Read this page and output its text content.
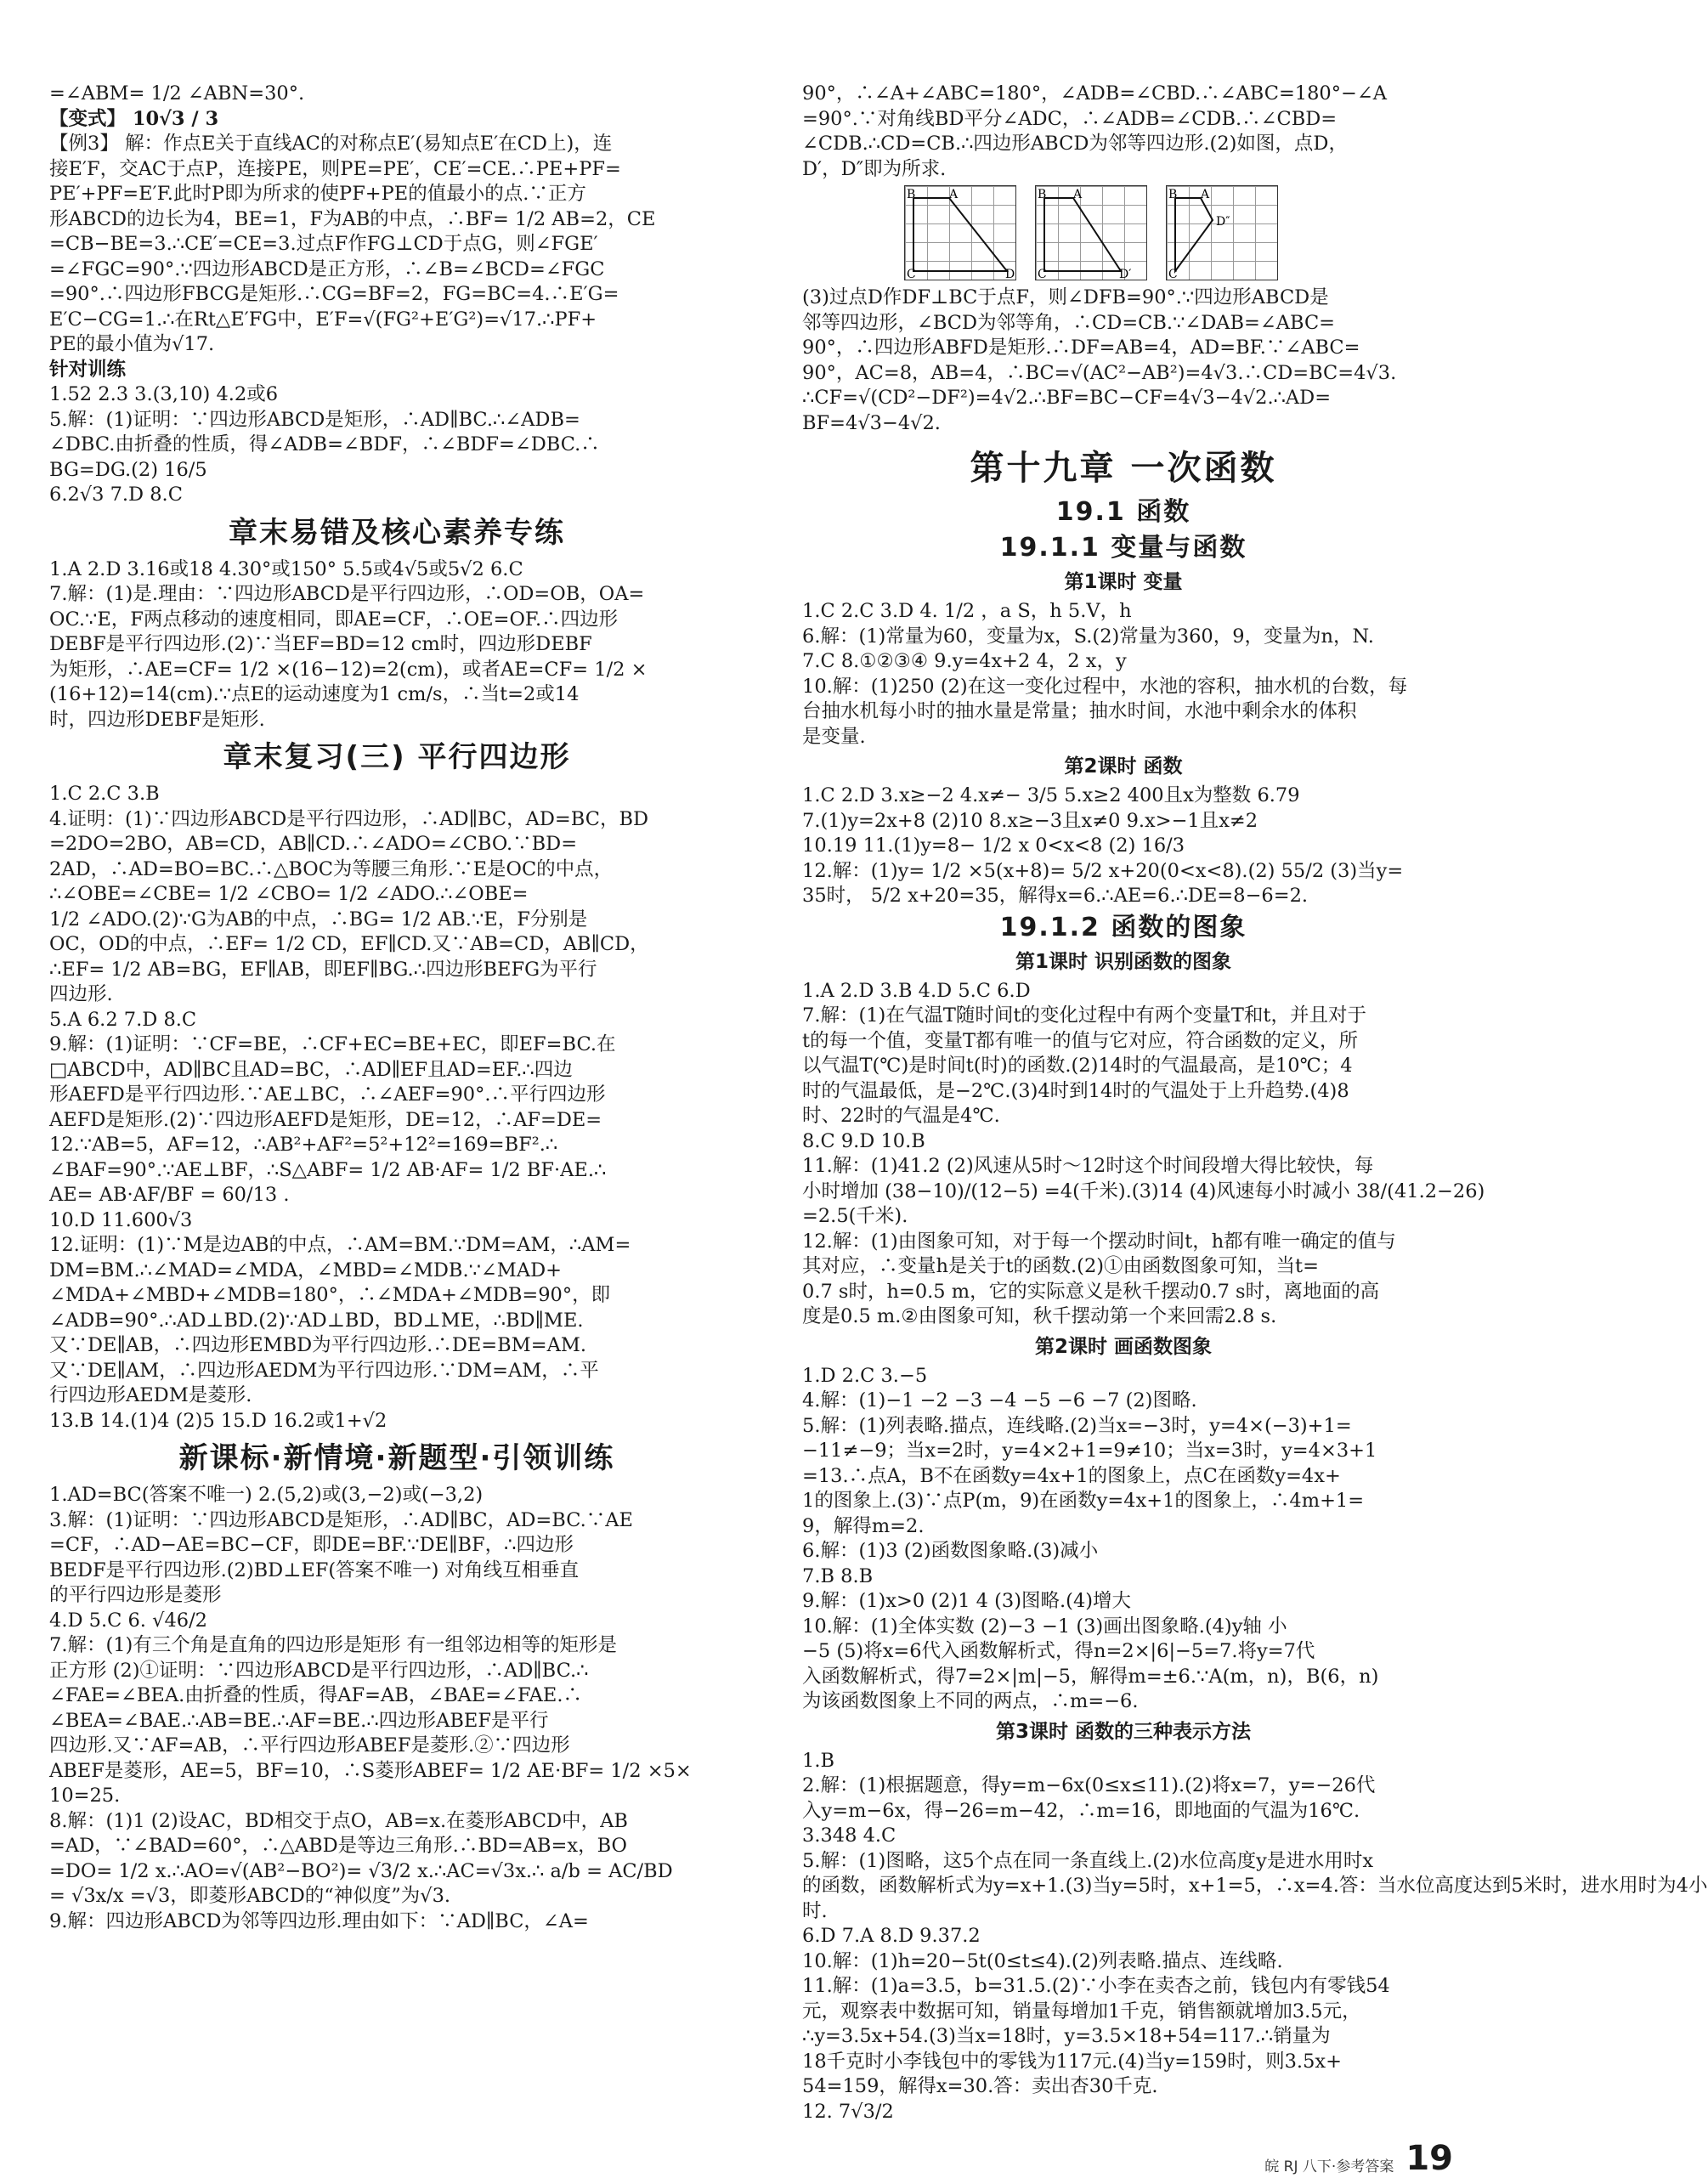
=∠ABM= 1/2 ∠ABN=30°.
【变式】 10√3 / 3
【例3】 解：作点E关于直线AC的对称点E′(易知点E′在CD上)，连
接E′F，交AC于点P，连接PE，则PE=PE′，CE′=CE.∴PE+PF=
PE′+PF=E′F.此时P即为所求的使PF+PE的值最小的点.∵正方
形ABCD的边长为4，BE=1，F为AB的中点，∴BF= 1/2 AB=2，CE
=CB−BE=3.∴CE′=CE=3.过点F作FG⊥CD于点G，则∠FGE′
=∠FGC=90°.∵四边形ABCD是正方形，∴∠B=∠BCD=∠FGC
=90°.∴四边形FBCG是矩形.∴CG=BF=2，FG=BC=4.∴E′G=
E′C−CG=1.∴在Rt△E′FG中，E′F=√(FG²+E′G²)=√17.∴PF+
PE的最小值为√17.
针对训练
1.52 2.3 3.(3,10) 4.2或6
5.解：(1)证明：∵四边形ABCD是矩形，∴AD∥BC.∴∠ADB=
∠DBC.由折叠的性质，得∠ADB=∠BDF，∴∠BDF=∠DBC.∴
BG=DG.(2) 16/5
6.2√3 7.D 8.C
章末易错及核心素养专练
1.A 2.D 3.16或18 4.30°或150° 5.5或4√5或5√2 6.C
7.解：(1)是.理由：∵四边形ABCD是平行四边形，∴OD=OB，OA=
OC.∵E，F两点移动的速度相同，即AE=CF，∴OE=OF.∴四边形
DEBF是平行四边形.(2)∵当EF=BD=12 cm时，四边形DEBF
为矩形，∴AE=CF= 1/2 ×(16−12)=2(cm)，或者AE=CF= 1/2 ×
(16+12)=14(cm).∵点E的运动速度为1 cm/s，∴当t=2或14
时，四边形DEBF是矩形.
章末复习(三) 平行四边形
1.C 2.C 3.B
4.证明：(1)∵四边形ABCD是平行四边形，∴AD∥BC，AD=BC，BD
=2DO=2BO，AB=CD，AB∥CD.∴∠ADO=∠CBO.∵BD=
2AD，∴AD=BO=BC.∴△BOC为等腰三角形.∵E是OC的中点，
∴∠OBE=∠CBE= 1/2 ∠CBO= 1/2 ∠ADO.∴∠OBE=
1/2 ∠ADO.(2)∵G为AB的中点，∴BG= 1/2 AB.∵E，F分别是
OC，OD的中点，∴EF= 1/2 CD，EF∥CD.又∵AB=CD，AB∥CD，
∴EF= 1/2 AB=BG，EF∥AB，即EF∥BG.∴四边形BEFG为平行
四边形.
5.A 6.2 7.D 8.C
9.解：(1)证明：∵CF=BE，∴CF+EC=BE+EC，即EF=BC.在
□ABCD中，AD∥BC且AD=BC，∴AD∥EF且AD=EF.∴四边
形AEFD是平行四边形.∵AE⊥BC，∴∠AEF=90°.∴平行四边形
AEFD是矩形.(2)∵四边形AEFD是矩形，DE=12，∴AF=DE=
12.∵AB=5，AF=12，∴AB²+AF²=5²+12²=169=BF².∴
∠BAF=90°.∵AE⊥BF，∴S△ABF= 1/2 AB·AF= 1/2 BF·AE.∴
AE= AB·AF/BF = 60/13 .
10.D 11.600√3
12.证明：(1)∵M是边AB的中点，∴AM=BM.∵DM=AM，∴AM=
DM=BM.∴∠MAD=∠MDA，∠MBD=∠MDB.∵∠MAD+
∠MDA+∠MBD+∠MDB=180°，∴∠MDA+∠MDB=90°，即
∠ADB=90°.∴AD⊥BD.(2)∵AD⊥BD，BD⊥ME，∴BD∥ME.
又∵DE∥AB，∴四边形EMBD为平行四边形.∴DE=BM=AM.
又∵DE∥AM，∴四边形AEDM为平行四边形.∵DM=AM，∴平
行四边形AEDM是菱形.
13.B 14.(1)4 (2)5 15.D 16.2或1+√2
新课标·新情境·新题型·引领训练
1.AD=BC(答案不唯一) 2.(5,2)或(3,−2)或(−3,2)
3.解：(1)证明：∵四边形ABCD是矩形，∴AD∥BC，AD=BC.∵AE
=CF，∴AD−AE=BC−CF，即DE=BF.∵DE∥BF，∴四边形
BEDF是平行四边形.(2)BD⊥EF(答案不唯一) 对角线互相垂直
的平行四边形是菱形
4.D 5.C 6. √46/2
7.解：(1)有三个角是直角的四边形是矩形 有一组邻边相等的矩形是
正方形 (2)①证明：∵四边形ABCD是平行四边形，∴AD∥BC.∴
∠FAE=∠BEA.由折叠的性质，得AF=AB，∠BAE=∠FAE.∴
∠BEA=∠BAE.∴AB=BE.∴AF=BE.∴四边形ABEF是平行
四边形.又∵AF=AB，∴平行四边形ABEF是菱形.②∵四边形
ABEF是菱形，AE=5，BF=10，∴S菱形ABEF= 1/2 AE·BF= 1/2 ×5×
10=25.
8.解：(1)1 (2)设AC，BD相交于点O，AB=x.在菱形ABCD中，AB
=AD，∵∠BAD=60°，∴△ABD是等边三角形.∴BD=AB=x，BO
=DO= 1/2 x.∴AO=√(AB²−BO²)= √3/2 x.∴AC=√3x.∴ a/b = AC/BD
= √3x/x =√3，即菱形ABCD的“神似度”为√3.
9.解：四边形ABCD为邻等四边形.理由如下：∵AD∥BC，∠A=
90°，∴∠A+∠ABC=180°，∠ADB=∠CBD.∴∠ABC=180°−∠A
=90°.∵对角线BD平分∠ADC，∴∠ADB=∠CDB.∴∠CBD=
∠CDB.∴CD=CB.∴四边形ABCD为邻等四边形.(2)如图，点D，
D′，D″即为所求.
B	A
C	D
B A
C	D′
B A
D″
C
(3)过点D作DF⊥BC于点F，则∠DFB=90°.∵四边形ABCD是
邻等四边形，∠BCD为邻等角，∴CD=CB.∵∠DAB=∠ABC=
90°，∴四边形ABFD是矩形.∴DF=AB=4，AD=BF.∵∠ABC=
90°，AC=8，AB=4，∴BC=√(AC²−AB²)=4√3.∴CD=BC=4√3.
∴CF=√(CD²−DF²)=4√2.∴BF=BC−CF=4√3−4√2.∴AD=
BF=4√3−4√2.
第十九章 一次函数
19.1 函数
19.1.1 变量与函数
第1课时 变量
1.C 2.C 3.D 4. 1/2 ，a S，h 5.V，h
6.解：(1)常量为60，变量为x，S.(2)常量为360，9，变量为n，N.
7.C 8.①②③④ 9.y=4x+2 4，2 x，y
10.解：(1)250 (2)在这一变化过程中，水池的容积，抽水机的台数，每
台抽水机每小时的抽水量是常量；抽水时间，水池中剩余水的体积
是变量.
第2课时 函数
1.C 2.D 3.x≥−2 4.x≠− 3/5 5.x≥2 400且x为整数 6.79
7.(1)y=2x+8 (2)10 8.x≥−3且x≠0 9.x>−1且x≠2
10.19 11.(1)y=8− 1/2 x 0<x<8 (2) 16/3
12.解：(1)y= 1/2 ×5(x+8)= 5/2 x+20(0<x<8).(2) 55/2 (3)当y=
35时， 5/2 x+20=35，解得x=6.∴AE=6.∴DE=8−6=2.
19.1.2 函数的图象
第1课时 识别函数的图象
1.A 2.D 3.B 4.D 5.C 6.D
7.解：(1)在气温T随时间t的变化过程中有两个变量T和t，并且对于
t的每一个值，变量T都有唯一的值与它对应，符合函数的定义，所
以气温T(℃)是时间t(时)的函数.(2)14时的气温最高，是10℃；4
时的气温最低，是−2℃.(3)4时到14时的气温处于上升趋势.(4)8
时、22时的气温是4℃.
8.C 9.D 10.B
11.解：(1)41.2 (2)风速从5时～12时这个时间段增大得比较快，每
小时增加 (38−10)/(12−5) =4(千米).(3)14 (4)风速每小时减小 38/(41.2−26)
=2.5(千米).
12.解：(1)由图象可知，对于每一个摆动时间t，h都有唯一确定的值与
其对应，∴变量h是关于t的函数.(2)①由函数图象可知，当t=
0.7 s时，h=0.5 m，它的实际意义是秋千摆动0.7 s时，离地面的高
度是0.5 m.②由图象可知，秋千摆动第一个来回需2.8 s.
第2课时 画函数图象
1.D 2.C 3.−5
4.解：(1)−1 −2 −3 −4 −5 −6 −7 (2)图略.
5.解：(1)列表略.描点，连线略.(2)当x=−3时，y=4×(−3)+1=
−11≠−9；当x=2时，y=4×2+1=9≠10；当x=3时，y=4×3+1
=13.∴点A，B不在函数y=4x+1的图象上，点C在函数y=4x+
1的图象上.(3)∵点P(m，9)在函数y=4x+1的图象上，∴4m+1=
9，解得m=2.
6.解：(1)3 (2)函数图象略.(3)减小
7.B 8.B
9.解：(1)x>0 (2)1 4 (3)图略.(4)增大
10.解：(1)全体实数 (2)−3 −1 (3)画出图象略.(4)y轴 小
−5 (5)将x=6代入函数解析式，得n=2×|6|−5=7.将y=7代
入函数解析式，得7=2×|m|−5，解得m=±6.∵A(m，n)，B(6，n)
为该函数图象上不同的两点，∴m=−6.
第3课时 函数的三种表示方法
1.B
2.解：(1)根据题意，得y=m−6x(0≤x≤11).(2)将x=7，y=−26代
入y=m−6x，得−26=m−42，∴m=16，即地面的气温为16℃.
3.348 4.C
5.解：(1)图略，这5个点在同一条直线上.(2)水位高度y是进水用时x
的函数，函数解析式为y=x+1.(3)当y=5时，x+1=5，∴x=4.答：当水位高度达到5米时，进水用时为4小
时.
6.D 7.A 8.D 9.37.2
10.解：(1)h=20−5t(0≤t≤4).(2)列表略.描点、连线略.
11.解：(1)a=3.5，b=31.5.(2)∵小李在卖杏之前，钱包内有零钱54
元，观察表中数据可知，销量每增加1千克，销售额就增加3.5元，
∴y=3.5x+54.(3)当x=18时，y=3.5×18+54=117.∴销量为
18千克时小李钱包中的零钱为117元.(4)当y=159时，则3.5x+
54=159，解得x=30.答：卖出杏30千克.
12. 7√3/2
皖 RJ 八下·参考答案 19
